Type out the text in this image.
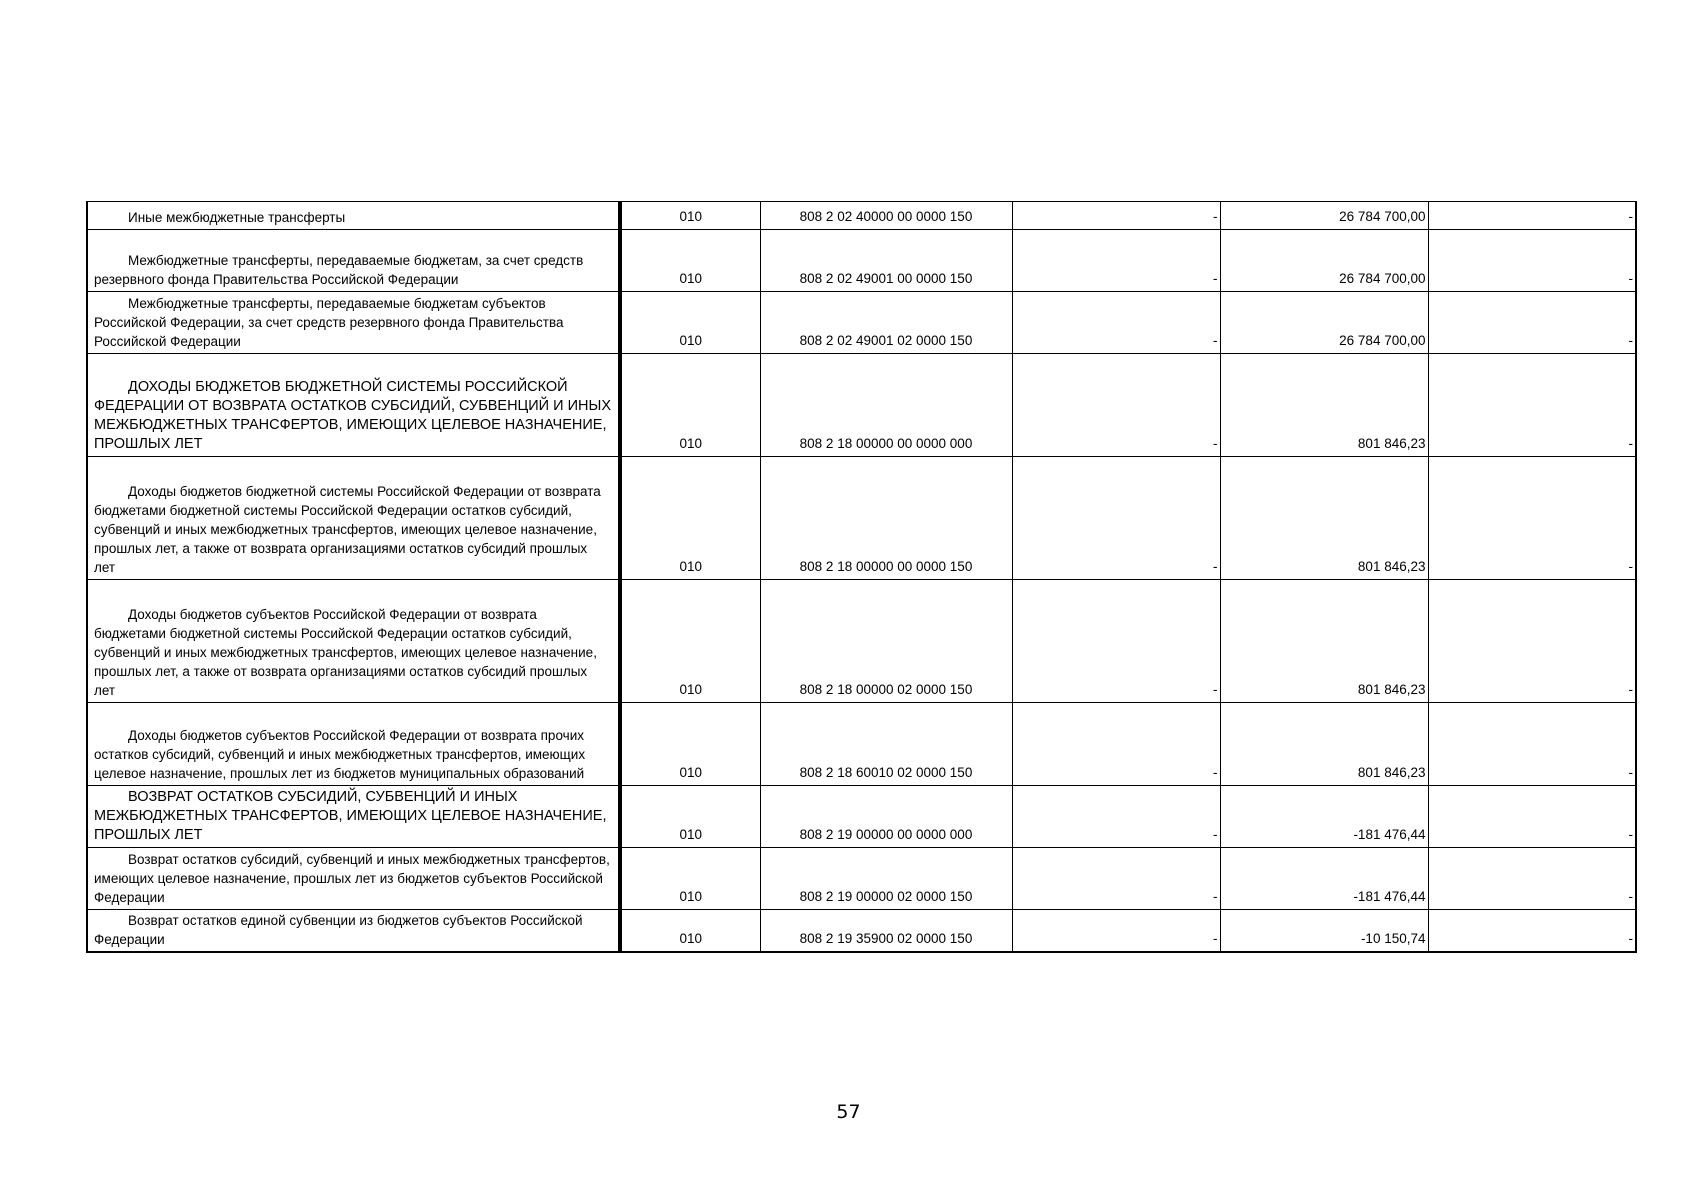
Иные межбюджетные трансферты	010	808 2 02 40000 00 0000 150	-	26 784 700,00	-

Межбюджетные трансферты, передаваемые бюджетам, за счет средств резервного фонда Правительства Российской Федерации	010	808 2 02 49001 00 0000 150	-	26 784 700,00	-

Межбюджетные трансферты, передаваемые бюджетам субъектов Российской Федерации, за счет средств резервного фонда Правительства Российской Федерации	010	808 2 02 49001 02 0000 150	-	26 784 700,00	-

ДОХОДЫ БЮДЖЕТОВ БЮДЖЕТНОЙ СИСТЕМЫ РОССИЙСКОЙ ФЕДЕРАЦИИ ОТ ВОЗВРАТА ОСТАТКОВ СУБСИДИЙ, СУБВЕНЦИЙ И ИНЫХ МЕЖБЮДЖЕТНЫХ ТРАНСФЕРТОВ, ИМЕЮЩИХ ЦЕЛЕВОЕ НАЗНАЧЕНИЕ, ПРОШЛЫХ ЛЕТ	010	808 2 18 00000 00 0000 000	-	801 846,23	-

Доходы бюджетов бюджетной системы Российской Федерации от возврата бюджетами бюджетной системы Российской Федерации остатков субсидий, субвенций и иных межбюджетных трансфертов, имеющих целевое назначение, прошлых лет, а также от возврата организациями остатков субсидий прошлых лет	010	808 2 18 00000 00 0000 150	-	801 846,23	-

Доходы бюджетов субъектов Российской Федерации от возврата бюджетами бюджетной системы Российской Федерации остатков субсидий, субвенций и иных межбюджетных трансфертов, имеющих целевое назначение, прошлых лет, а также от возврата организациями остатков субсидий прошлых лет	010	808 2 18 00000 02 0000 150	-	801 846,23	-

Доходы бюджетов субъектов Российской Федерации от возврата прочих остатков субсидий, субвенций и иных межбюджетных трансфертов, имеющих целевое назначение, прошлых лет из бюджетов муниципальных образований	010	808 2 18 60010 02 0000 150	-	801 846,23	-

ВОЗВРАТ ОСТАТКОВ СУБСИДИЙ, СУБВЕНЦИЙ И ИНЫХ МЕЖБЮДЖЕТНЫХ ТРАНСФЕРТОВ, ИМЕЮЩИХ ЦЕЛЕВОЕ НАЗНАЧЕНИЕ, ПРОШЛЫХ ЛЕТ	010	808 2 19 00000 00 0000 000	-	-181 476,44	-

Возврат остатков субсидий, субвенций и иных межбюджетных трансфертов, имеющих целевое назначение, прошлых лет из бюджетов субъектов Российской Федерации	010	808 2 19 00000 02 0000 150	-	-181 476,44	-

Возврат остатков единой субвенции из бюджетов субъектов Российской Федерации	010	808 2 19 35900 02 0000 150	-	-10 150,74	-
57
